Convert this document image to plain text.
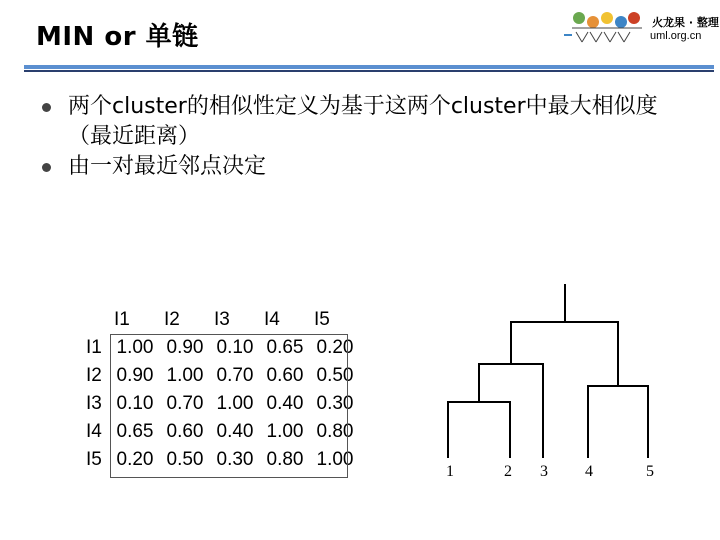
MIN or 单链	火龙果 · 整理
uml.org.cn
两个cluster的相似性定义为基于这两个cluster中最大相似度（最近距离）
由一对最近邻点决定
	I1	I2	I3	I4	I5
I1	1.00	0.90	0.10	0.65	0.20
I2	0.90	1.00	0.70	0.60	0.50
I3	0.10	0.70	1.00	0.40	0.30
I4	0.65	0.60	0.40	1.00	0.80
I5	0.20	0.50	0.30	0.80	1.00
1	2 3 4	5
